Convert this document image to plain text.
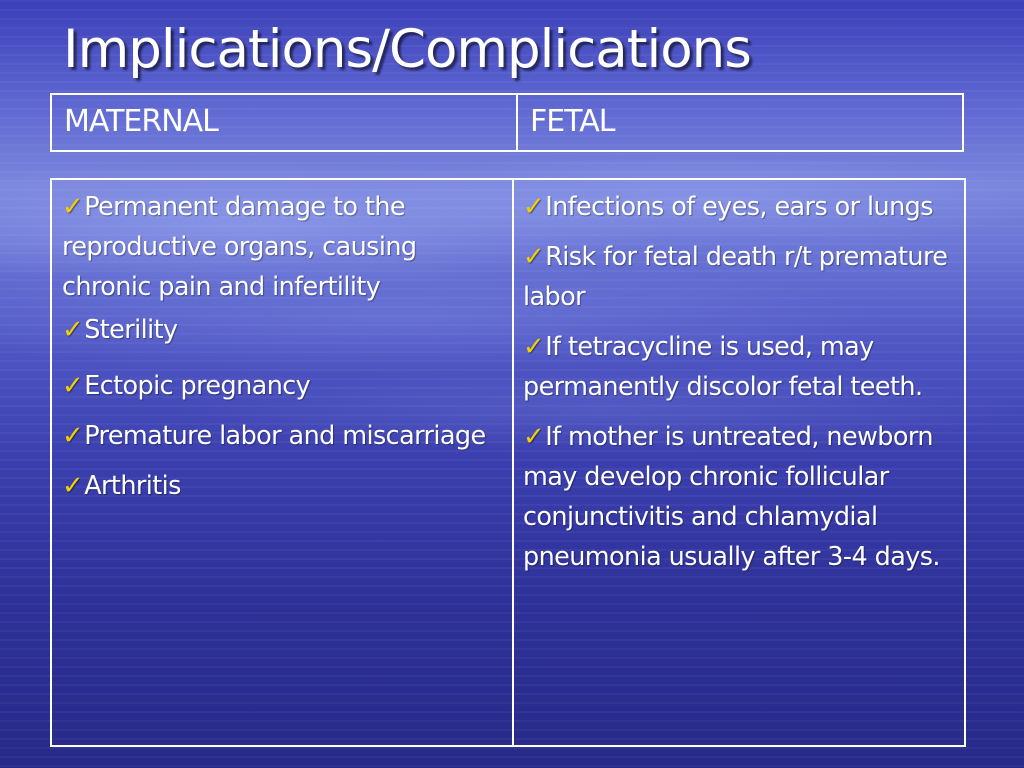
Implications/Complications
MATERNAL	FETAL
✓Permanent damage to the reproductive organs, causing chronic pain and infertility
✓Sterility
✓Ectopic pregnancy
✓Premature labor and miscarriage
✓Arthritis
✓Infections of eyes, ears or lungs
✓Risk for fetal death r/t premature labor
✓If tetracycline is used, may permanently discolor fetal teeth.
✓If mother is untreated, newborn may develop chronic follicular conjunctivitis and chlamydial pneumonia usually after 3-4 days.
